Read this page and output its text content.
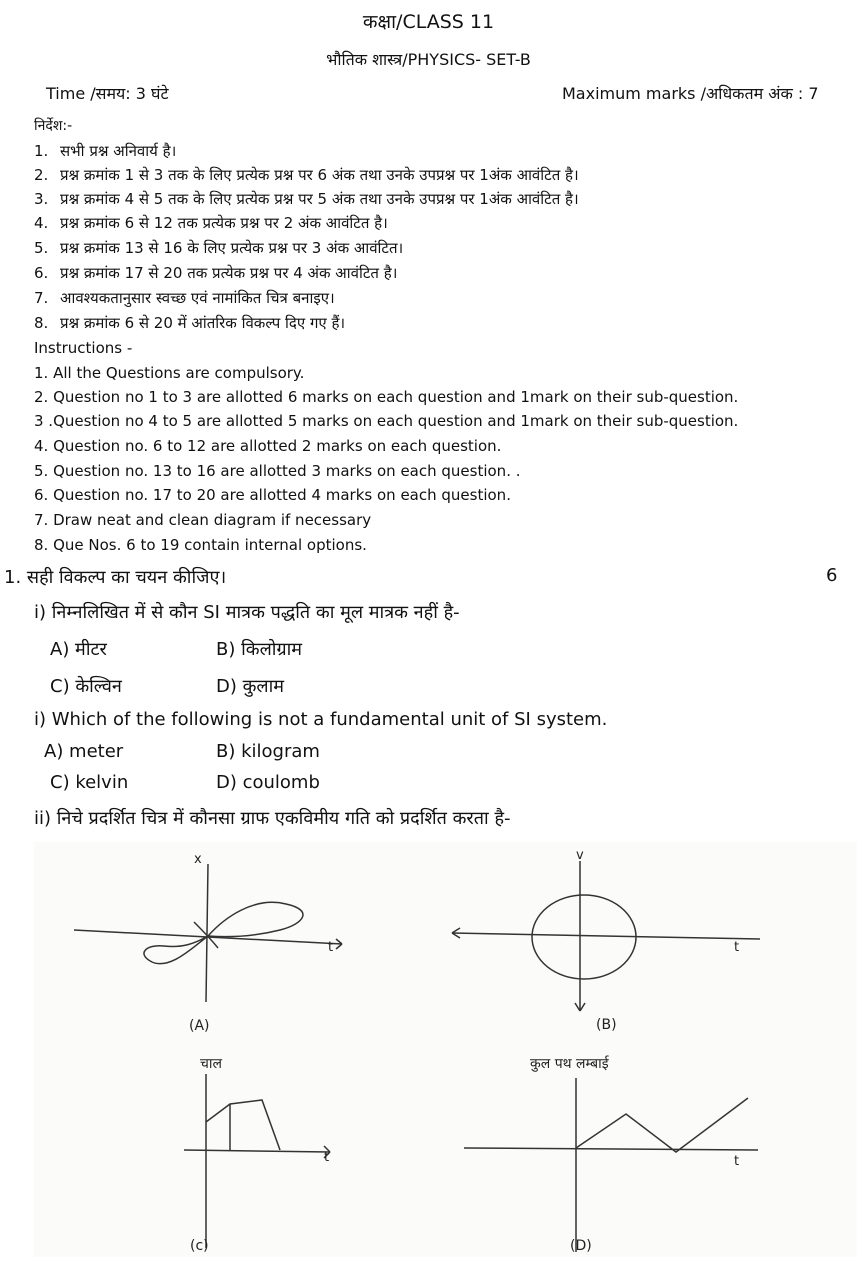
कक्षा/CLASS 11
भौतिक शास्त्र/PHYSICS- SET-B
Time /समय: 3 घंटे	Maximum marks /अधिकतम अंक : 7
निर्देश:-
1. सभी प्रश्न अनिवार्य है।
2. प्रश्न क्रमांक 1 से 3 तक के लिए प्रत्येक प्रश्न पर 6 अंक तथा उनके उपप्रश्न पर 1अंक आवंटित है।
3. प्रश्न क्रमांक 4 से 5 तक के लिए प्रत्येक प्रश्न पर 5 अंक तथा उनके उपप्रश्न पर 1अंक आवंटित है।
4. प्रश्न क्रमांक 6 से 12 तक प्रत्येक प्रश्न पर 2 अंक आवंटित है।
5. प्रश्न क्रमांक 13 से 16 के लिए प्रत्येक प्रश्न पर 3 अंक आवंटित।
6. प्रश्न क्रमांक 17 से 20 तक प्रत्येक प्रश्न पर 4 अंक आवंटित है।
7. आवश्यकतानुसार स्वच्छ एवं नामांकित चित्र बनाइए।
8. प्रश्न क्रमांक 6 से 20 में आंतरिक विकल्प दिए गए हैं।
Instructions -
1. All the Questions are compulsory.
2. Question no 1 to 3 are allotted 6 marks on each question and 1mark on their sub-question.
3 .Question no 4 to 5 are allotted 5 marks on each question and 1mark on their sub-question.
4. Question no. 6 to 12 are allotted 2 marks on each question.
5. Question no. 13 to 16 are allotted 3 marks on each question. .
6. Question no. 17 to 20 are allotted 4 marks on each question.
7. Draw neat and clean diagram if necessary
8. Que Nos. 6 to 19 contain internal options.
1. सही विकल्प का चयन कीजिए।	6
i) निम्नलिखित में से कौन SI मात्रक पद्धति का मूल मात्रक नहीं है-
A) मीटर	B) किलोग्राम
C) केल्विन	D) कुलाम
i) Which of the following is not a fundamental unit of SI system.
A) meter	B) kilogram
C) kelvin	D) coulomb
ii) निचे प्रदर्शित चित्र में कौनसा ग्राफ एकविमीय गति को प्रदर्शित करता है-
x
t
(A)
v
t
(B)
चाल
t
(c)
कुल पथ लम्बाई
t
(D)
